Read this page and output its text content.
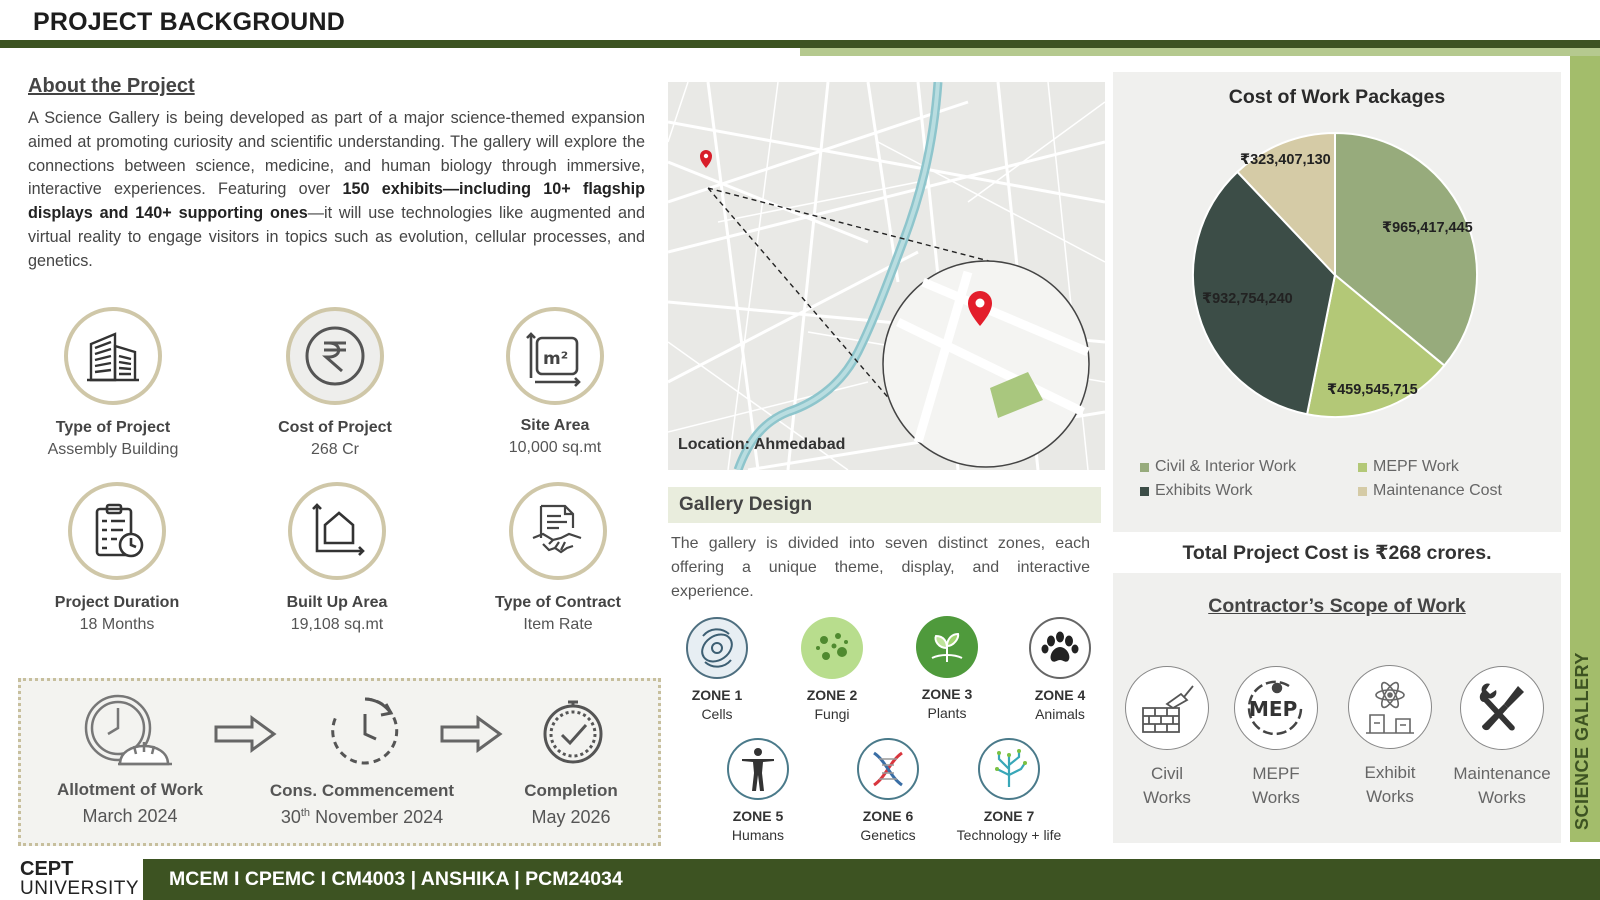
PROJECT BACKGROUND
SCIENCE GALLERY
About the Project
A Science Gallery is being developed as part of a major science-themed expansion aimed at promoting curiosity and scientific understanding. The gallery will explore the connections between science, medicine, and human biology through immersive, interactive experiences. Featuring over 150 exhibits—including 10+ flagship displays and 140+ supporting ones—it will use technologies like augmented and virtual reality to engage visitors in topics such as evolution, cellular processes, and genetics.
Type of Project
Assembly Building
Cost of Project
268 Cr
m²
Site Area
10,000 sq.mt
Project Duration
18 Months
Built Up Area
19,108 sq.mt
Type of Contract
Item Rate
Allotment of Work
March 2024
Cons. Commencement
30th November 2024
Completion
May 2026
Location: Ahmedabad
Gallery Design
The gallery is divided into seven distinct zones, each offering a unique theme, display, and interactive experience.
ZONE 1
Cells
ZONE 2
Fungi
ZONE 3
Plants
ZONE 4
Animals
ZONE 5
Humans
ZONE 6
Genetics
ZONE 7
Technology + life
Cost of Work Packages
₹323,407,130
₹965,417,445
₹932,754,240
₹459,545,715
Civil & Interior Work	MEPF Work
Exhibits Work	Maintenance Cost
Total Project Cost is ₹268 crores.
Contractor’s Scope of Work
Civil
Works
MEP
MEPF
Works
Exhibit
Works
Maintenance
Works
CEPT
UNIVERSITY MCEM I CPEMC I CM4003 | ANSHIKA | PCM24034
